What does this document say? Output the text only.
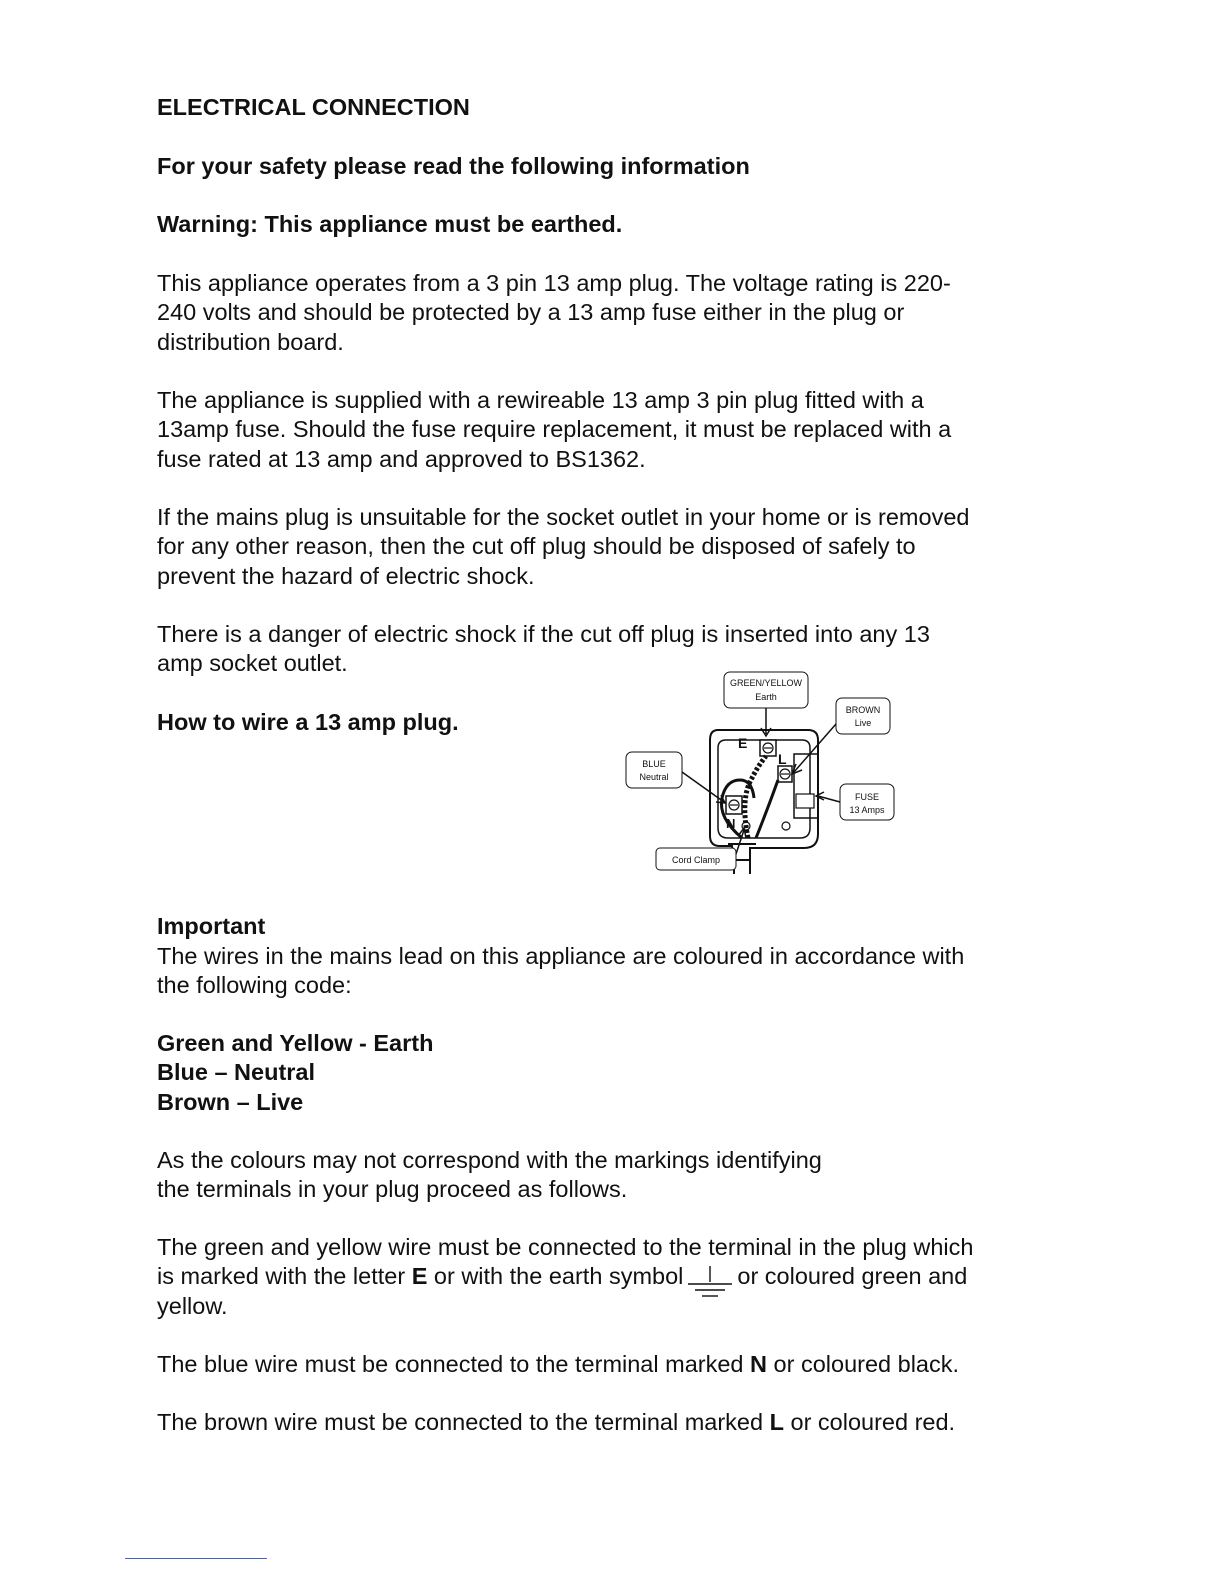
ELECTRICAL CONNECTION

For your safety please read the following information

Warning: This appliance must be earthed.

This appliance operates from a 3 pin 13 amp plug. The voltage rating is 220-
240 volts and should be protected by a 13 amp fuse either in the plug or
distribution board.
The appliance is supplied with a rewireable 13 amp 3 pin plug fitted with a
13amp fuse. Should the fuse require replacement, it must be replaced with a
fuse rated at 13 amp and approved to BS1362.
If the mains plug is unsuitable for the socket outlet in your home or is removed
for any other reason, then the cut off plug should be disposed of safely to
prevent the hazard of electric shock.
There is a danger of electric shock if the cut off plug is inserted into any 13
amp socket outlet.

How to wire a 13 amp plug.

E
L
N
GREEN/YELLOW
Earth
BROWN
Live
BLUE
Neutral
FUSE
13 Amps
Cord Clamp

Important

The wires in the mains lead on this appliance are coloured in accordance with
the following code:
Green and Yellow - Earth
Blue – Neutral
Brown – Live
As the colours may not correspond with the markings identifying
the terminals in your plug proceed as follows.
The green and yellow wire must be connected to the terminal in the plug which
is marked with the letter E or with the earth symbol or coloured green and
yellow.

The blue wire must be connected to the terminal marked N or coloured black.

The brown wire must be connected to the terminal marked L or coloured red.
